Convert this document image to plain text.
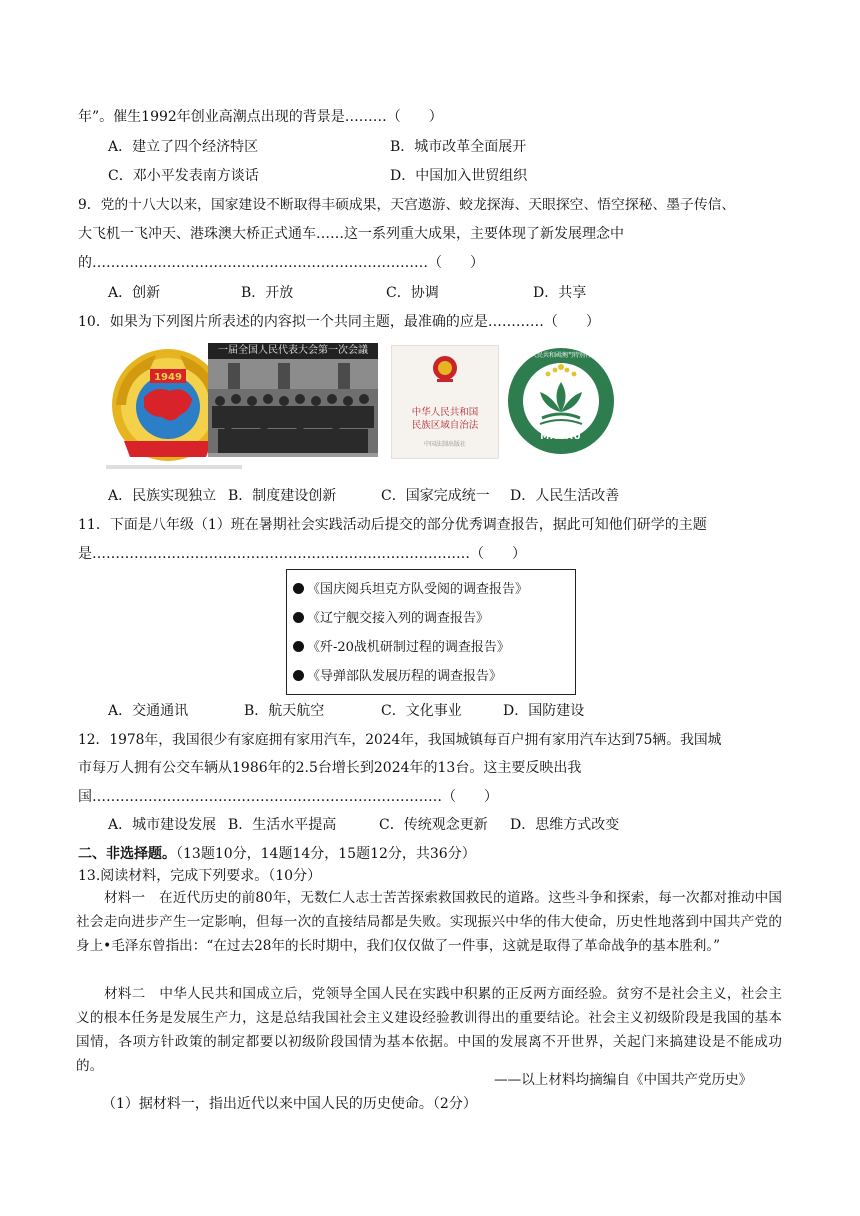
年”。催生1992年创业高潮点出现的背景是………（　　）
A．建立了四个经济特区	B．城市改革全面展开
C．邓小平发表南方谈话	D．中国加入世贸组织
9．党的十八大以来，国家建设不断取得丰硕成果，天宫遨游、蛟龙探海、天眼探空、悟空探秘、墨子传信、
大飞机一飞冲天、港珠澳大桥正式通车……这一系列重大成果，主要体现了新发展理念中
的………………………………………………………………（　　）
A．创新	B．开放	C．协调	D．共享
10．如果为下列图片所表述的内容拟一个共同主题，最准确的应是…………（　　）
1949
一届全国人民代表大会第一次会議
中华人民共和国
民族区域自治法
中国法制出版社
中華人民共和國澳門特別行政區
MACAU
A．民族实现独立 B．制度建设创新	C．国家完成统一 D．人民生活改善
11．下面是八年级（1）班在暑期社会实践活动后提交的部分优秀调查报告，据此可知他们研学的主题
是………………………………………………………………………（　　）
《国庆阅兵坦克方队受阅的调查报告》
《辽宁舰交接入列的调查报告》
《歼-20战机研制过程的调查报告》
《导弹部队发展历程的调查报告》
A．交通通讯	B．航天航空	C．文化事业	D．国防建设
12．1978年，我国很少有家庭拥有家用汽车，2024年，我国城镇每百户拥有家用汽车达到75辆。我国城
市每万人拥有公交车辆从1986年的2.5台增长到2024年的13台。这主要反映出我
国…………………………………………………………………（　　）
A．城市建设发展 B．生活水平提高	C．传统观念更新 D．思维方式改变
二、非选择题。（13题10分，14题14分，15题12分，共36分）
13.阅读材料，完成下列要求。（10分）
材料一　在近代历史的前80年，无数仁人志士苦苦探索救国救民的道路。这些斗争和探索，每一次都对推动中国社会走向进步产生一定影响，但每一次的直接结局都是失败。实现振兴中华的伟大使命，历史性地落到中国共产党的身上•毛泽东曾指出：“在过去28年的长时期中，我们仅仅做了一件事，这就是取得了革命战争的基本胜利。”
材料二　中华人民共和国成立后，党领导全国人民在实践中积累的正反两方面经验。贫穷不是社会主义，社会主义的根本任务是发展生产力，这是总结我国社会主义建设经验教训得出的重要结论。社会主义初级阶段是我国的基本国情，各项方针政策的制定都要以初级阶段国情为基本依据。中国的发展离不开世界，关起门来搞建设是不能成功的。
——以上材料均摘编自《中国共产党历史》
（1）据材料一，指出近代以来中国人民的历史使命。（2分）
